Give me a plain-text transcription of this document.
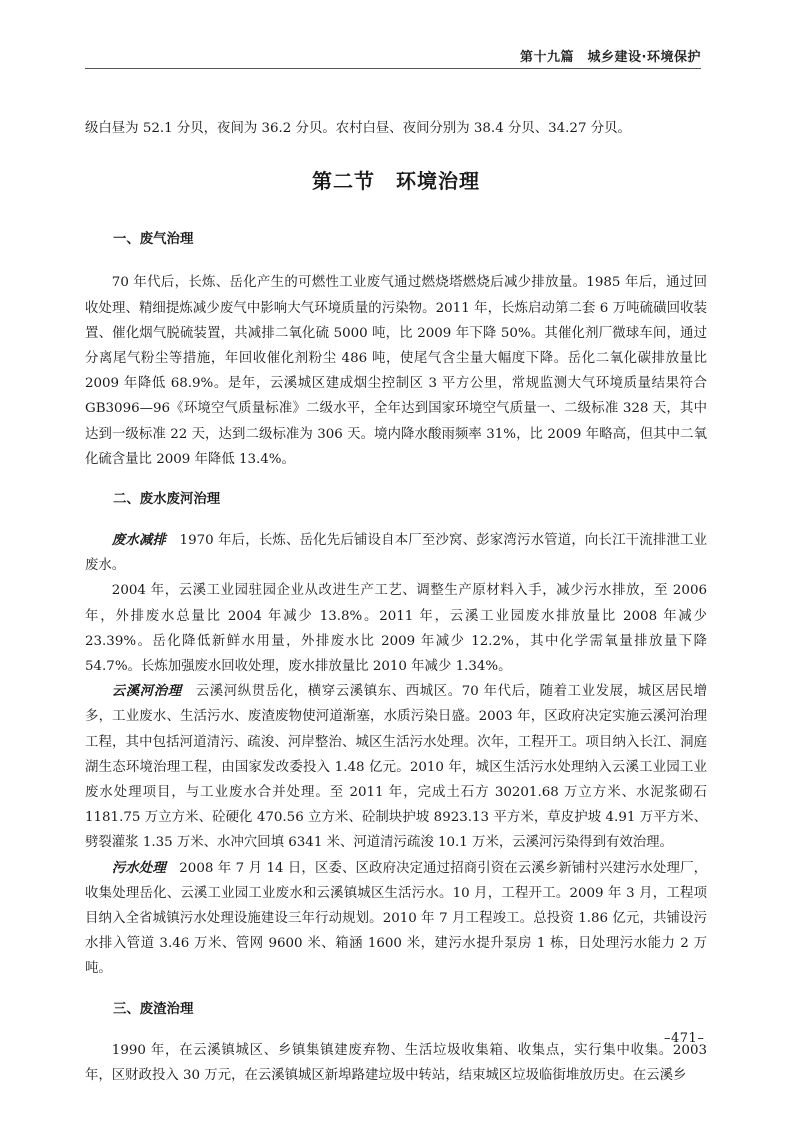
第十九篇　城乡建设·环境保护

级白昼为 52.1 分贝，夜间为 36.2 分贝。农村白昼、夜间分别为 38.4 分贝、34.27 分贝。

第二节　环境治理
一、废气治理

70 年代后，长炼、岳化产生的可燃性工业废气通过燃烧塔燃烧后减少排放量。1985 年后，通过回收处理、精细提炼减少废气中影响大气环境质量的污染物。2011 年，长炼启动第二套 6 万吨硫磺回收装置、催化烟气脱硫装置，共减排二氧化硫 5000 吨，比 2009 年下降 50%。其催化剂厂微球车间，通过分离尾气粉尘等措施，年回收催化剂粉尘 486 吨，使尾气含尘量大幅度下降。岳化二氧化碳排放量比 2009 年降低 68.9%。是年，云溪城区建成烟尘控制区 3 平方公里，常规监测大气环境质量结果符合 GB3096—96《环境空气质量标准》二级水平，全年达到国家环境空气质量一、二级标准 328 天，其中达到一级标准 22 天，达到二级标准为 306 天。境内降水酸雨频率 31%，比 2009 年略高，但其中二氧化硫含量比 2009 年降低 13.4%。

二、废水废河治理

废水减排 1970 年后，长炼、岳化先后铺设自本厂至沙窝、彭家湾污水管道，向长江干流排泄工业废水。

2004 年，云溪工业园驻园企业从改进生产工艺、调整生产原材料入手，减少污水排放，至 2006 年，外排废水总量比 2004 年减少 13.8%。2011 年，云溪工业园废水排放量比 2008 年减少 23.39%。岳化降低新鲜水用量，外排废水比 2009 年减少 12.2%，其中化学需氧量排放量下降 54.7%。长炼加强废水回收处理，废水排放量比 2010 年减少 1.34%。

云溪河治理 云溪河纵贯岳化，横穿云溪镇东、西城区。70 年代后，随着工业发展，城区居民增多，工业废水、生活污水、废渣废物使河道渐塞，水质污染日盛。2003 年，区政府决定实施云溪河治理工程，其中包括河道清污、疏浚、河岸整治、城区生活污水处理。次年，工程开工。项目纳入长江、洞庭湖生态环境治理工程，由国家发改委投入 1.48 亿元。2010 年，城区生活污水处理纳入云溪工业园工业废水处理项目，与工业废水合并处理。至 2011 年，完成土石方 30201.68 万立方米、水泥浆砌石 1181.75 万立方米、砼硬化 470.56 立方米、砼制块护坡 8923.13 平方米，草皮护坡 4.91 万平方米、劈裂灌浆 1.35 万米、水冲穴回填 6341 米、河道清污疏浚 10.1 万米，云溪河污染得到有效治理。

污水处理 2008 年 7 月 14 日，区委、区政府决定通过招商引资在云溪乡新铺村兴建污水处理厂，收集处理岳化、云溪工业园工业废水和云溪镇城区生活污水。10 月，工程开工。2009 年 3 月，工程项目纳入全省城镇污水处理设施建设三年行动规划。2010 年 7 月工程竣工。总投资 1.86 亿元，共铺设污水排入管道 3.46 万米、管网 9600 米、箱涵 1600 米，建污水提升泵房 1 栋，日处理污水能力 2 万吨。

三、废渣治理

1990 年，在云溪镇城区、乡镇集镇建废弃物、生活垃圾收集箱、收集点，实行集中收集。2003 年，区财政投入 30 万元，在云溪镇城区新埠路建垃圾中转站，结束城区垃圾临街堆放历史。在云溪乡

–471–
